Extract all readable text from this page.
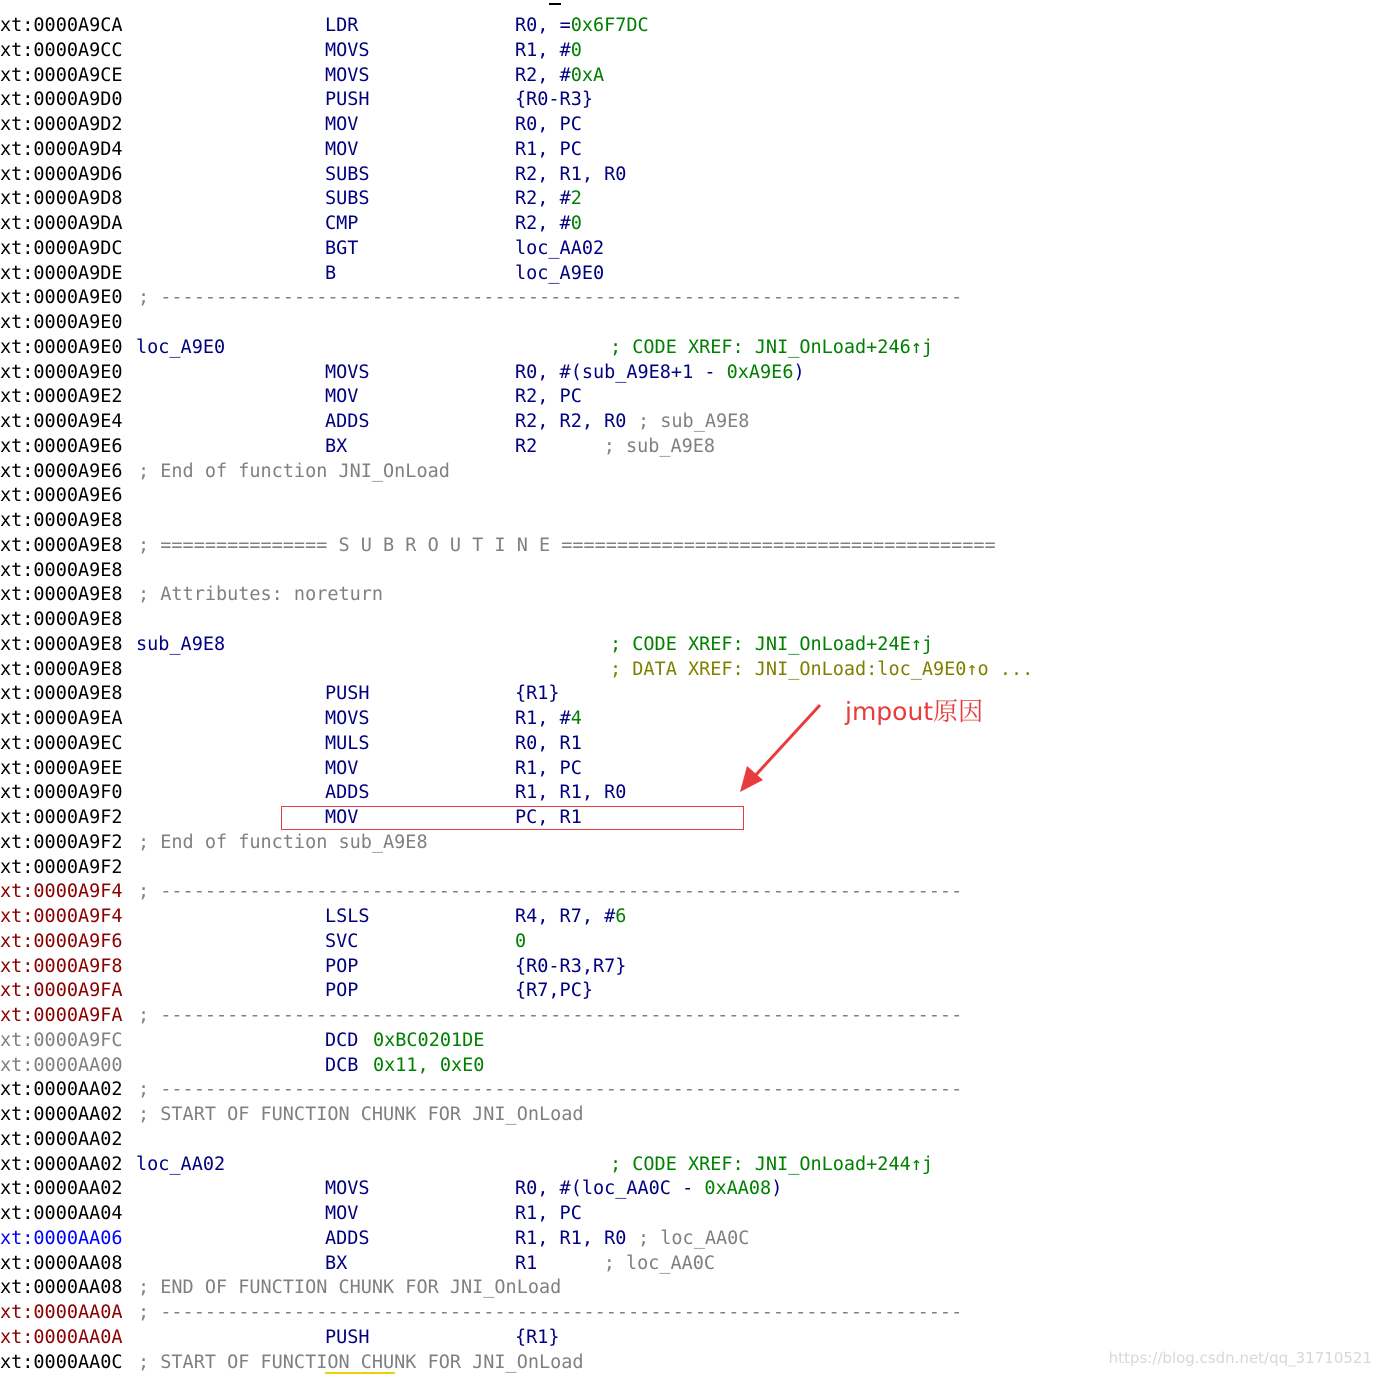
xt:0000A9CA	LDR	R0, =0x6F7DC
xt:0000A9CC	MOVS	R1, #0
xt:0000A9CE	MOVS	R2, #0xA
xt:0000A9D0	PUSH	{R0-R3}
xt:0000A9D2	MOV	R0, PC
xt:0000A9D4	MOV	R1, PC
xt:0000A9D6	SUBS	R2, R1, R0
xt:0000A9D8	SUBS	R2, #2
xt:0000A9DA	CMP	R2, #0
xt:0000A9DC	BGT	loc_AA02
xt:0000A9DE	B	loc_A9E0
xt:0000A9E0 ; ------------------------------------------------------------------------
xt:0000A9E0
xt:0000A9E0 loc_A9E0	; CODE XREF: JNI_OnLoad+246↑j
xt:0000A9E0	MOVS	R0, #(sub_A9E8+1 - 0xA9E6)
xt:0000A9E2	MOV	R2, PC
xt:0000A9E4	ADDS	R2, R2, R0 ; sub_A9E8
xt:0000A9E6	BX	R2 ; sub_A9E8
xt:0000A9E6 ; End of function JNI_OnLoad
xt:0000A9E6
xt:0000A9E8
xt:0000A9E8 ; =============== S U B R O U T I N E =======================================
xt:0000A9E8
xt:0000A9E8 ; Attributes: noreturn
xt:0000A9E8
xt:0000A9E8 sub_A9E8	; CODE XREF: JNI_OnLoad+24E↑j
xt:0000A9E8	; DATA XREF: JNI_OnLoad:loc_A9E0↑o ...
xt:0000A9E8	PUSH	{R1}
xt:0000A9EA	MOVS	R1, #4
xt:0000A9EC	MULS	R0, R1
xt:0000A9EE	MOV	R1, PC
xt:0000A9F0	ADDS	R1, R1, R0
xt:0000A9F2	MOV	PC, R1
xt:0000A9F2 ; End of function sub_A9E8
xt:0000A9F2
xt:0000A9F4 ; ------------------------------------------------------------------------
xt:0000A9F4	LSLS	R4, R7, #6
xt:0000A9F6	SVC	0
xt:0000A9F8	POP	{R0-R3,R7}
xt:0000A9FA	POP	{R7,PC}
xt:0000A9FA ; ------------------------------------------------------------------------
xt:0000A9FC	DCD 0xBC0201DE
xt:0000AA00	DCB 0x11, 0xE0
xt:0000AA02 ; ------------------------------------------------------------------------
xt:0000AA02 ; START OF FUNCTION CHUNK FOR JNI_OnLoad
xt:0000AA02
xt:0000AA02 loc_AA02	; CODE XREF: JNI_OnLoad+244↑j
xt:0000AA02	MOVS	R0, #(loc_AA0C - 0xAA08)
xt:0000AA04	MOV	R1, PC
xt:0000AA06	ADDS	R1, R1, R0 ; loc_AA0C
xt:0000AA08	BX	R1 ; loc_AA0C
xt:0000AA08 ; END OF FUNCTION CHUNK FOR JNI_OnLoad
xt:0000AA0A ; ------------------------------------------------------------------------
xt:0000AA0A	PUSH	{R1}
xt:0000AA0C ; START OF FUNCTION CHUNK FOR JNI_OnLoad
jmpout原因
https://blog.csdn.net/qq_31710521
